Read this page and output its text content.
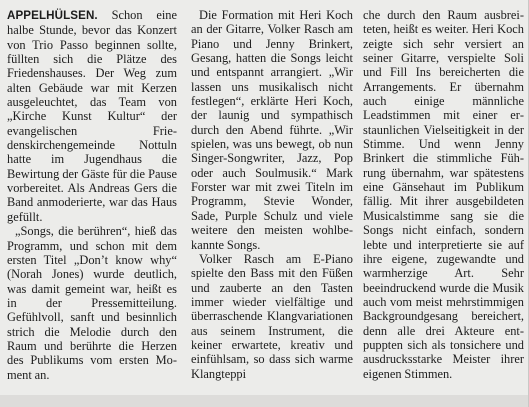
APPELHÜLSEN. Schon eine halbe Stunde, bevor das Konzert von Trio Passo beginnen sollte, füllten sich die Plätze des Friedenshauses. Der Weg zum alten Gebäude war mit Kerzen ausgeleuchtet, das Team von „Kirche Kunst Kultur“ der evangelischen Friedenskirchengemeinde Nottuln hatte im Jugendhaus die Bewirtung der Gäste für die Pause vorbereitet. Als Andreas Gers die Band anmoderierte, war das Haus gefüllt.

„Songs, die berühren“, hieß das Programm, und schon mit dem ersten Titel „Don’t know why“ (Norah Jones) wurde deutlich, was damit gemeint war, heißt es in der Pressemitteilung. Gefühlvoll, sanft und besinnlich strich die Melodie durch den Raum und berührte die Herzen des Publikums vom ersten Moment an.

Die Formation mit Heri Koch an der Gitarre, Volker Rasch am Piano und Jenny Brinkert, Gesang, hatten die Songs leicht und entspannt arrangiert. „Wir lassen uns musikalisch nicht festlegen“, erklärte Heri Koch, der launig und sympathisch durch den Abend führte. „Wir spielen, was uns bewegt, ob nun Singer-Songwriter, Jazz, Pop oder auch Soulmusik.“ Mark Forster war mit zwei Titeln im Programm, Stevie Wonder, Sade, Purple Schulz und viele weitere den meisten wohlbekannte Songs.

Volker Rasch am E-Piano spielte den Bass mit den Füßen und zauberte an den Tasten immer wieder vielfältige und überraschende Klangvariationen aus seinem Instrument, die keiner erwartete, kreativ und einfühlsam, so dass sich warme Klangteppi

che durch den Raum ausbreiteten, heißt es weiter. Heri Koch zeigte sich sehr versiert an seiner Gitarre, verspielte Soli und Fill Ins bereicherten die Arrangements. Er übernahm auch einige männliche Leadstimmen mit einer erstaunlichen Vielseitigkeit in der Stimme. Und wenn Jenny Brinkert die stimmliche Führung übernahm, war spätestens eine Gänsehaut im Publikum fällig. Mit ihrer ausgebildeten Musicalstimme sang sie die Songs nicht einfach, sondern lebte und interpretierte sie auf ihre eigene, zugewandte und warmherzige Art. Sehr beeindruckend wurde die Musik auch vom meist mehrstimmigen Backgroundgesang bereichert, denn alle drei Akteure entpuppten sich als tonsichere und ausdrucksstarke Meister ihrer eigenen Stimmen.
